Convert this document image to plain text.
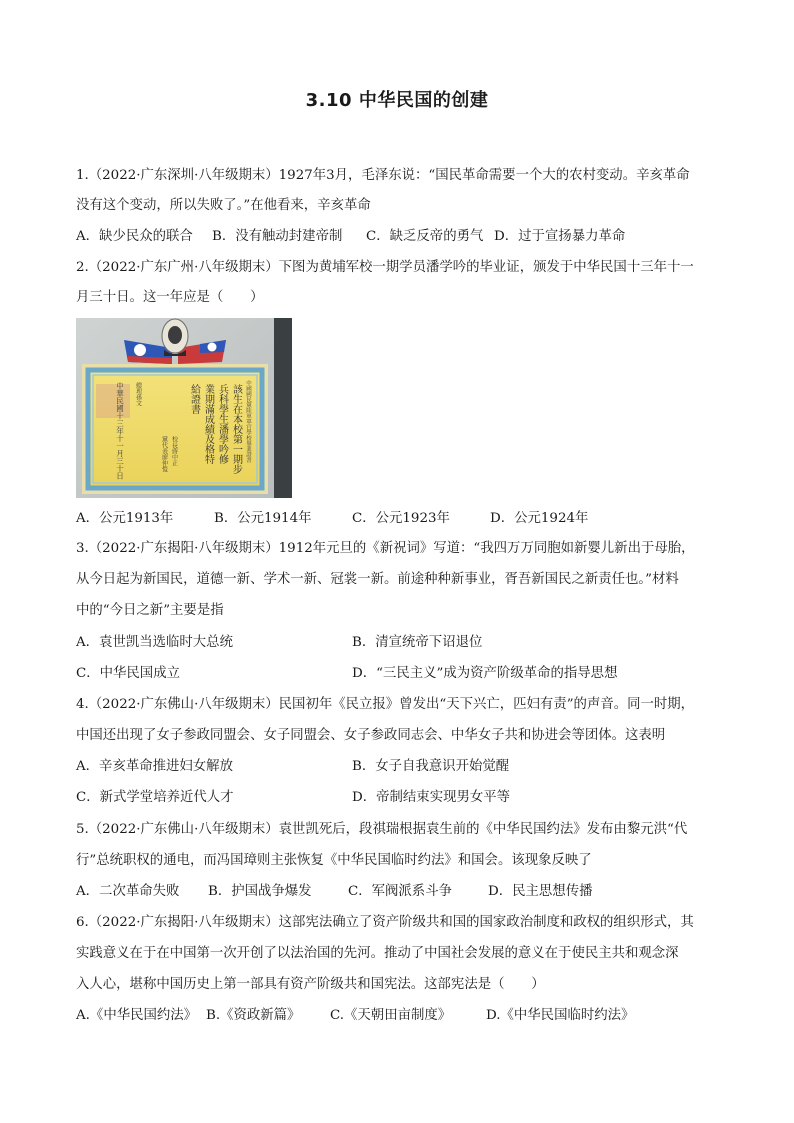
3.10 中华民国的创建
1.（2022·广东深圳·八年级期末）1927年3月，毛泽东说：“国民革命需要一个大的农村变动。辛亥革命
没有这个变动，所以失败了。”在他看来，辛亥革命
A．缺少民众的联合 B．没有触动封建帝制 C．缺乏反帝的勇气 D．过于宣扬暴力革命
2.（2022·广东广州·八年级期末）下图为黄埔军校一期学员潘学吟的毕业证，颁发于中华民国十三年十一
月三十日。这一年应是（　　）
中國國民黨陸軍軍官學校畢業證書
該生在本校第一期步
兵科學生潘學吟修
業期滿成績及格特
給證書
校長蔣中正
黨代表廖仲愷
總理孫文
中華民國十三年十一月三十日
A．公元1913年	B．公元1914年	C．公元1923年	D．公元1924年
3.（2022·广东揭阳·八年级期末）1912年元旦的《新祝词》写道：“我四万万同胞如新婴儿新出于母胎，
从今日起为新国民，道德一新、学术一新、冠裳一新。前途种种新事业，胥吾新国民之新责任也。”材料
中的“今日之新”主要是指
A．袁世凯当选临时大总统	B．清宣统帝下诏退位
C．中华民国成立	D．“三民主义”成为资产阶级革命的指导思想
4.（2022·广东佛山·八年级期末）民国初年《民立报》曾发出“天下兴亡，匹妇有责”的声音。同一时期，
中国还出现了女子参政同盟会、女子同盟会、女子参政同志会、中华女子共和协进会等团体。这表明
A．辛亥革命推进妇女解放	B．女子自我意识开始觉醒
C．新式学堂培养近代人才	D．帝制结束实现男女平等
5.（2022·广东佛山·八年级期末）袁世凯死后，段祺瑞根据袁生前的《中华民国约法》发布由黎元洪“代
行”总统职权的通电，而冯国璋则主张恢复《中华民国临时约法》和国会。该现象反映了
A．二次革命失败 B．护国战争爆发	C．军阀派系斗争	D．民主思想传播
6.（2022·广东揭阳·八年级期末）这部宪法确立了资产阶级共和国的国家政治制度和政权的组织形式，其
实践意义在于在中国第一次开创了以法治国的先河。推动了中国社会发展的意义在于使民主共和观念深
入人心，堪称中国历史上第一部具有资产阶级共和国宪法。这部宪法是（　　）
A.《中华民国约法》 B.《资政新篇》 C.《天朝田亩制度》	D.《中华民国临时约法》
